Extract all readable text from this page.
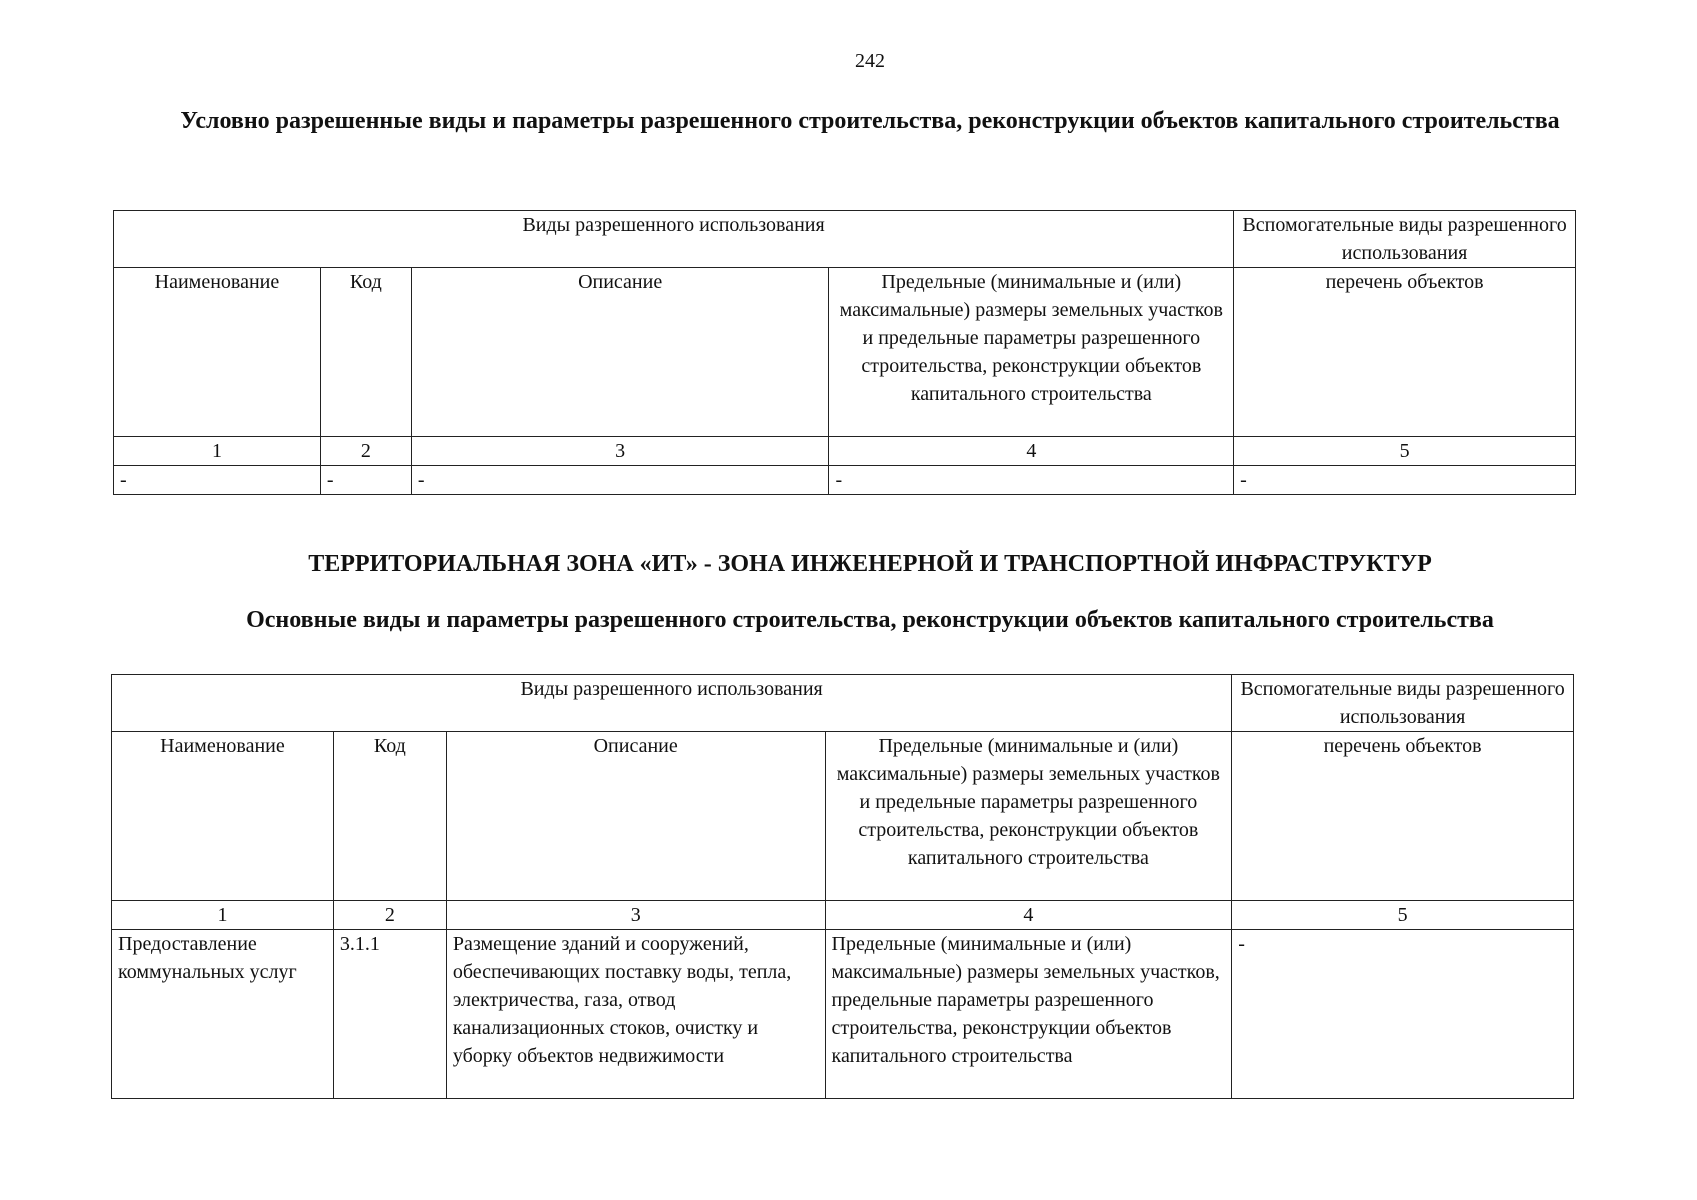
242
Условно разрешенные виды и параметры разрешенного строительства, реконструкции объектов капитального строительства
Виды разрешенного использования				Вспомогательные виды разрешенного использования
Наименование	Код	Описание	Предельные (минимальные и (или) максимальные) размеры земельных участков и предельные параметры разрешенного строительства, реконструкции объектов капитального строительства	перечень объектов
1	2	3	4	5
-	-	-	-	-
ТЕРРИТОРИАЛЬНАЯ ЗОНА «ИТ» - ЗОНА ИНЖЕНЕРНОЙ И ТРАНСПОРТНОЙ ИНФРАСТРУКТУР
Основные виды и параметры разрешенного строительства, реконструкции объектов капитального строительства
Виды разрешенного использования				Вспомогательные виды разрешенного использования
Наименование	Код	Описание	Предельные (минимальные и (или) максимальные) размеры земельных участков и предельные параметры разрешенного строительства, реконструкции объектов капитального строительства	перечень объектов
1	2	3	4	5
Предоставление коммунальных услуг	3.1.1	Размещение зданий и сооружений, обеспечивающих поставку воды, тепла, электричества, газа, отвод канализационных стоков, очистку и уборку объектов недвижимости	Предельные (минимальные и (или) максимальные) размеры земельных участков, предельные параметры разрешенного строительства, реконструкции объектов капитального строительства	-
